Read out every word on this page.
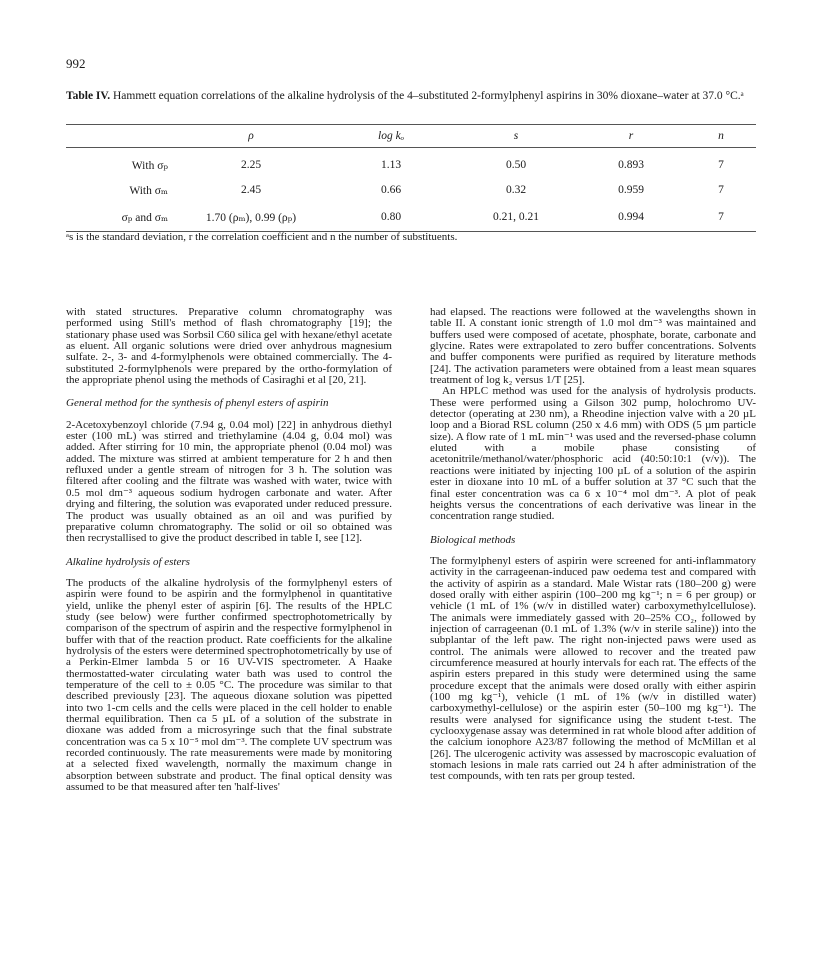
992
Table IV. Hammett equation correlations of the alkaline hydrolysis of the 4–substituted 2-formylphenyl aspirins in 30% dioxane–water at 37.0 °C.ᵃ
	ρ	log kₒ	s	r	n
With σₚ	2.25	1.13	0.50	0.893	7
With σₘ	2.45	0.66	0.32	0.959	7
σₚ and σₘ	1.70 (ρₘ), 0.99 (ρₚ)	0.80	0.21, 0.21	0.994	7
ᵃs is the standard deviation, r the correlation coefficient and n the number of substituents.

with stated structures. Preparative column chromatography was performed using Still's method of flash chromatography [19]; the stationary phase used was Sorbsil C60 silica gel with hexane/ethyl acetate as eluent. All organic solutions were dried over anhydrous magnesium sulfate. 2-, 3- and 4-formylphenols were obtained commercially. The 4-substituted 2-formylphenols were prepared by the ortho-formylation of the appropriate phenol using the methods of Casiraghi et al [20, 21].

General method for the synthesis of phenyl esters of aspirin

2-Acetoxybenzoyl chloride (7.94 g, 0.04 mol) [22] in anhydrous diethyl ester (100 mL) was stirred and triethylamine (4.04 g, 0.04 mol) was added. After stirring for 10 min, the appropriate phenol (0.04 mol) was added. The mixture was stirred at ambient temperature for 2 h and then refluxed under a gentle stream of nitrogen for 3 h. The solution was filtered after cooling and the filtrate was washed with water, twice with 0.5 mol dm⁻³ aqueous sodium hydrogen carbonate and water. After drying and filtering, the solution was evaporated under reduced pressure. The product was usually obtained as an oil and was purified by preparative column chromatography. The solid or oil so obtained was then recrystallised to give the product described in table I, see [12].

Alkaline hydrolysis of esters

The products of the alkaline hydrolysis of the formylphenyl esters of aspirin were found to be aspirin and the formylphenol in quantitative yield, unlike the phenyl ester of aspirin [6]. The results of the HPLC study (see below) were further confirmed spectrophotometrically by comparison of the spectrum of aspirin and the respective formylphenol in buffer with that of the reaction product. Rate coefficients for the alkaline hydrolysis of the esters were determined spectrophotometrically by use of a Perkin-Elmer lambda 5 or 16 UV-VIS spectrometer. A Haake thermostatted-water circulating water bath was used to control the temperature of the cell to ± 0.05 °C. The procedure was similar to that described previously [23]. The aqueous dioxane solution was pipetted into two 1-cm cells and the cells were placed in the cell holder to enable thermal equilibration. Then ca 5 µL of a solution of the substrate in dioxane was added from a microsyringe such that the final substrate concentration was ca 5 x 10⁻⁵ mol dm⁻³. The complete UV spectrum was recorded continuously. The rate measurements were made by monitoring at a selected fixed wavelength, normally the maximum change in absorption between substrate and product. The final optical density was assumed to be that measured after ten 'half-lives'

had elapsed. The reactions were followed at the wavelengths shown in table II. A constant ionic strength of 1.0 mol dm⁻³ was maintained and buffers used were composed of acetate, phosphate, borate, carbonate and glycine. Rates were extrapolated to zero buffer concentrations. Solvents and buffer components were purified as required by literature methods [24]. The activation parameters were obtained from a least mean squares treatment of log k₂ versus 1/T [25].

An HPLC method was used for the analysis of hydrolysis products. These were performed using a Gilson 302 pump, holochromo UV-detector (operating at 230 nm), a Rheodine injection valve with a 20 µL loop and a Biorad RSL column (250 x 4.6 mm) with ODS (5 µm particle size). A flow rate of 1 mL min⁻¹ was used and the reversed-phase column eluted with a mobile phase consisting of acetonitrile/methanol/water/phosphoric acid (40:50:10:1 (v/v)). The reactions were initiated by injecting 100 µL of a solution of the aspirin ester in dioxane into 10 mL of a buffer solution at 37 °C such that the final ester concentration was ca 6 x 10⁻⁴ mol dm⁻³. A plot of peak heights versus the concentrations of each derivative was linear in the concentration range studied.

Biological methods

The formylphenyl esters of aspirin were screened for anti-inflammatory activity in the carrageenan-induced paw oedema test and compared with the activity of aspirin as a standard. Male Wistar rats (180–200 g) were dosed orally with either aspirin (100–200 mg kg⁻¹; n = 6 per group) or vehicle (1 mL of 1% (w/v in distilled water) carboxymethylcellulose). The animals were immediately gassed with 20–25% CO₂, followed by injection of carrageenan (0.1 mL of 1.3% (w/v in sterile saline)) into the subplantar of the left paw. The right non-injected paws were used as control. The animals were allowed to recover and the treated paw circumference measured at hourly intervals for each rat. The effects of the aspirin esters prepared in this study were determined using the same procedure except that the animals were dosed orally with either aspirin (100 mg kg⁻¹), vehicle (1 mL of 1% (w/v in distilled water) carboxymethyl-cellulose) or the aspirin ester (50–100 mg kg⁻¹). The results were analysed for significance using the student t-test. The cyclooxygenase assay was determined in rat whole blood after addition of the calcium ionophore A23/87 following the method of McMillan et al [26]. The ulcerogenic activity was assessed by macroscopic evaluation of stomach lesions in male rats carried out 24 h after administration of the test compounds, with ten rats per group tested.
